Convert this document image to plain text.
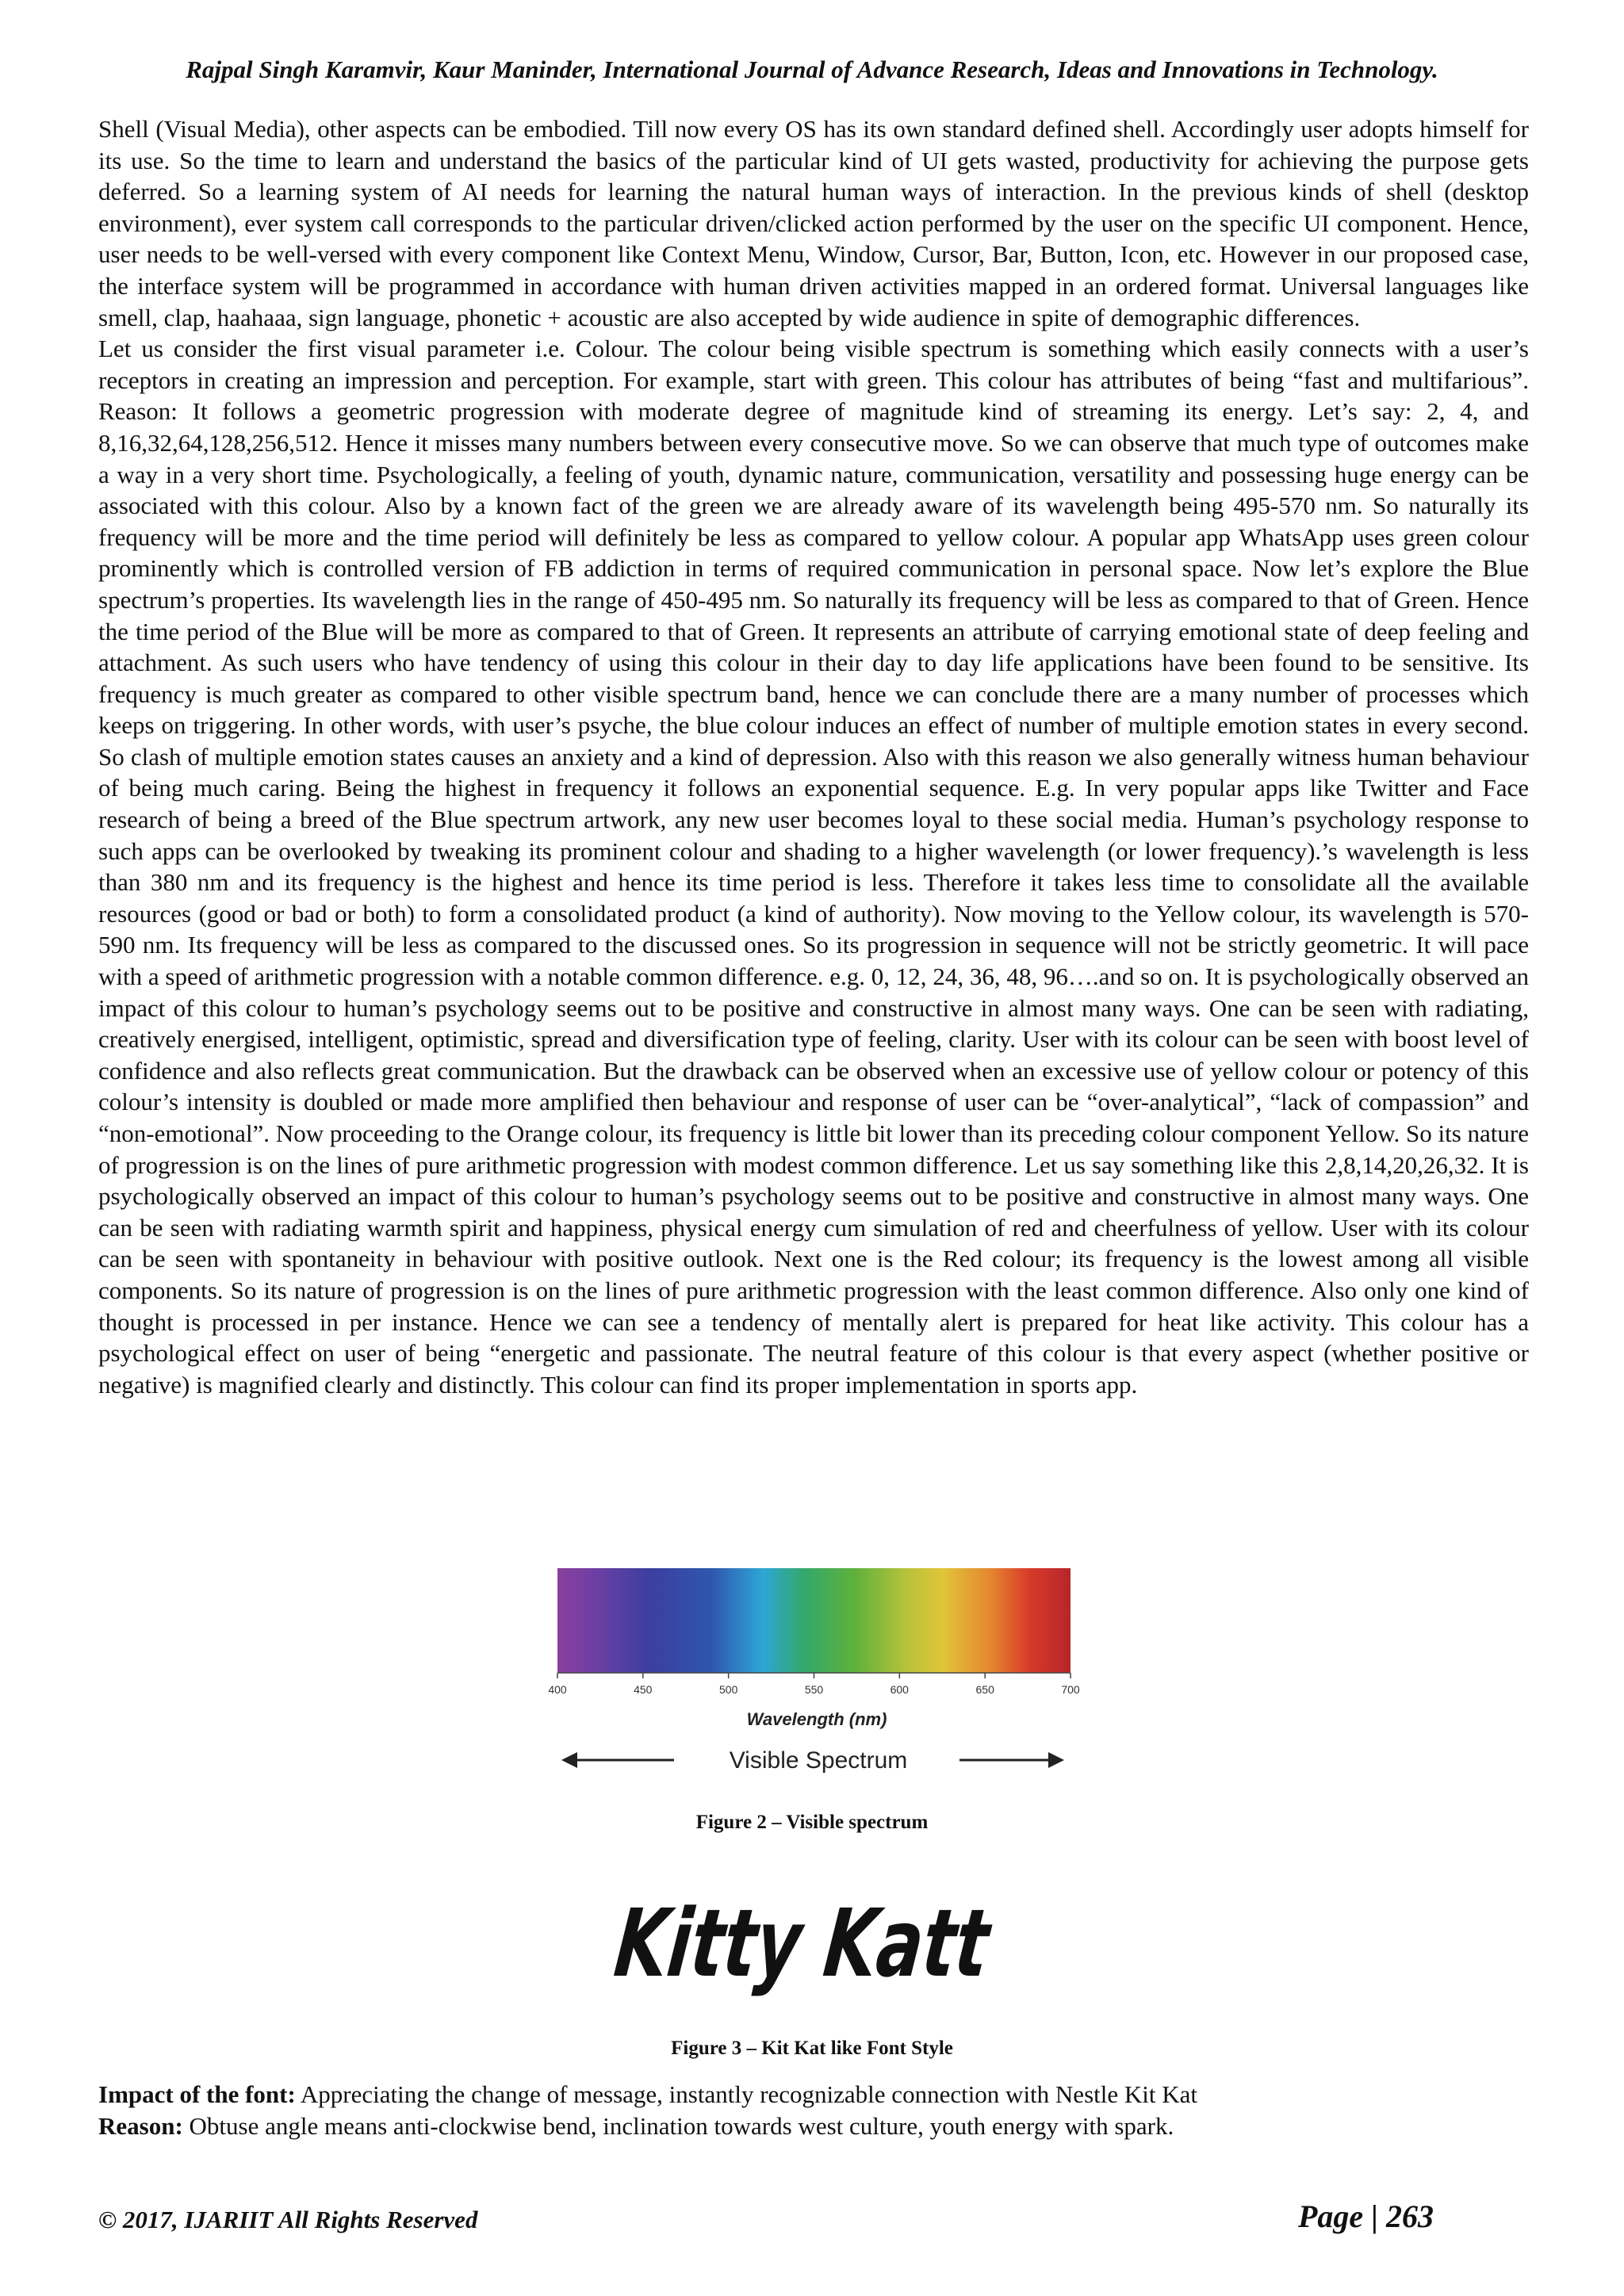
Rajpal Singh Karamvir, Kaur Maninder, International Journal of Advance Research, Ideas and Innovations in Technology.

Shell (Visual Media), other aspects can be embodied. Till now every OS has its own standard defined shell. Accordingly user adopts himself for its use. So the time to learn and understand the basics of the particular kind of UI gets wasted, productivity for achieving the purpose gets deferred. So a learning system of AI needs for learning the natural human ways of interaction. In the previous kinds of shell (desktop environment), ever system call corresponds to the particular driven/clicked action performed by the user on the specific UI component. Hence, user needs to be well-versed with every component like Context Menu, Window, Cursor, Bar, Button, Icon, etc. However in our proposed case, the interface system will be programmed in accordance with human driven activities mapped in an ordered format. Universal languages like smell, clap, haahaaa, sign language, phonetic + acoustic are also accepted by wide audience in spite of demographic differences.

Let us consider the first visual parameter i.e. Colour. The colour being visible spectrum is something which easily connects with a user’s receptors in creating an impression and perception. For example, start with green. This colour has attributes of being “fast and multifarious”. Reason: It follows a geometric progression with moderate degree of magnitude kind of streaming its energy. Let’s say: 2, 4, and 8,16,32,64,128,256,512. Hence it misses many numbers between every consecutive move. So we can observe that much type of outcomes make a way in a very short time. Psychologically, a feeling of youth, dynamic nature, communication, versatility and possessing huge energy can be associated with this colour. Also by a known fact of the green we are already aware of its wavelength being 495-570 nm. So naturally its frequency will be more and the time period will definitely be less as compared to yellow colour. A popular app WhatsApp uses green colour prominently which is controlled version of FB addiction in terms of required communication in personal space. Now let’s explore the Blue spectrum’s properties. Its wavelength lies in the range of 450-495 nm. So naturally its frequency will be less as compared to that of Green. Hence the time period of the Blue will be more as compared to that of Green. It represents an attribute of carrying emotional state of deep feeling and attachment. As such users who have tendency of using this colour in their day to day life applications have been found to be sensitive. Its frequency is much greater as compared to other visible spectrum band, hence we can conclude there are a many number of processes which keeps on triggering. In other words, with user’s psyche, the blue colour induces an effect of number of multiple emotion states in every second. So clash of multiple emotion states causes an anxiety and a kind of depression. Also with this reason we also generally witness human behaviour of being much caring. Being the highest in frequency it follows an exponential sequence. E.g. In very popular apps like Twitter and Face research of being a breed of the Blue spectrum artwork, any new user becomes loyal to these social media. Human’s psychology response to such apps can be overlooked by tweaking its prominent colour and shading to a higher wavelength (or lower frequency).’s wavelength is less than 380 nm and its frequency is the highest and hence its time period is less. Therefore it takes less time to consolidate all the available resources (good or bad or both) to form a consolidated product (a kind of authority). Now moving to the Yellow colour, its wavelength is 570-590 nm. Its frequency will be less as compared to the discussed ones. So its progression in sequence will not be strictly geometric. It will pace with a speed of arithmetic progression with a notable common difference. e.g. 0, 12, 24, 36, 48, 96….and so on. It is psychologically observed an impact of this colour to human’s psychology seems out to be positive and constructive in almost many ways. One can be seen with radiating, creatively energised, intelligent, optimistic, spread and diversification type of feeling, clarity. User with its colour can be seen with boost level of confidence and also reflects great communication. But the drawback can be observed when an excessive use of yellow colour or potency of this colour’s intensity is doubled or made more amplified then behaviour and response of user can be “over-analytical”, “lack of compassion” and “non-emotional”. Now proceeding to the Orange colour, its frequency is little bit lower than its preceding colour component Yellow. So its nature of progression is on the lines of pure arithmetic progression with modest common difference. Let us say something like this 2,8,14,20,26,32. It is psychologically observed an impact of this colour to human’s psychology seems out to be positive and constructive in almost many ways. One can be seen with radiating warmth spirit and happiness, physical energy cum simulation of red and cheerfulness of yellow. User with its colour can be seen with spontaneity in behaviour with positive outlook. Next one is the Red colour; its frequency is the lowest among all visible components. So its nature of progression is on the lines of pure arithmetic progression with the least common difference. Also only one kind of thought is processed in per instance. Hence we can see a tendency of mentally alert is prepared for heat like activity. This colour has a psychological effect on user of being “energetic and passionate. The neutral feature of this colour is that every aspect (whether positive or negative) is magnified clearly and distinctly. This colour can find its proper implementation in sports app.

400	450	500	550	600	650	700
Wavelength (nm)
Visible Spectrum
Figure 2 – Visible spectrum
Kitty Katt
Figure 3 – Kit Kat like Font Style
Impact of the font: Appreciating the change of message, instantly recognizable connection with Nestle Kit Kat
Reason: Obtuse angle means anti-clockwise bend, inclination towards west culture, youth energy with spark.
© 2017, IJARIIT All Rights Reserved	Page | 263
